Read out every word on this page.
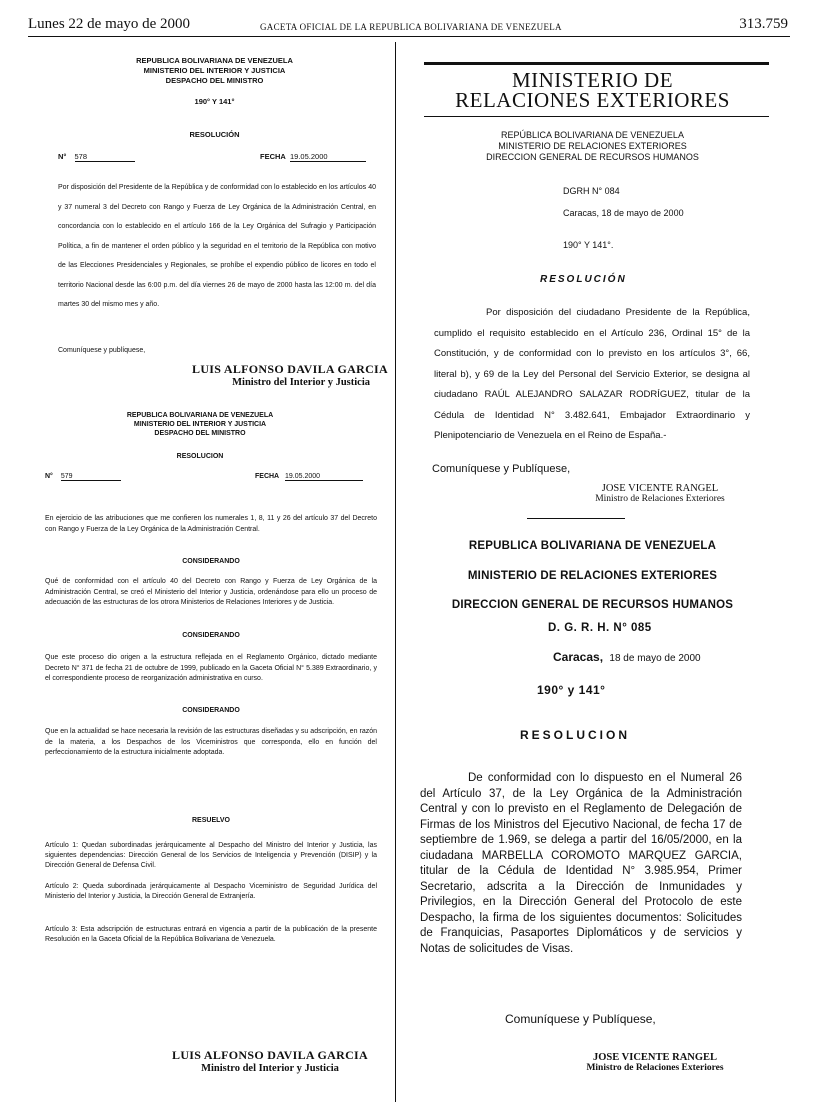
Lunes 22 de mayo de 2000	GACETA OFICIAL DE LA REPUBLICA BOLIVARIANA DE VENEZUELA	313.759
REPUBLICA BOLIVARIANA DE VENEZUELA
MINISTERIO DEL INTERIOR Y JUSTICIA
DESPACHO DEL MINISTRO
190° Y 141°
RESOLUCIÓN
N° 578	FECHA 19.05.2000
Por disposición del Presidente de la República y de conformidad con lo establecido en los artículos 40 y 37 numeral 3 del Decreto con Rango y Fuerza de Ley Orgánica de la Administración Central, en concordancia con lo establecido en el artículo 166 de la Ley Orgánica del Sufragio y Participación Política, a fin de mantener el orden público y la seguridad en el territorio de la República con motivo de las Elecciones Presidenciales y Regionales, se prohíbe el expendio público de licores en todo el territorio Nacional desde las 6:00 p.m. del día viernes 26 de mayo de 2000 hasta las 12:00 m. del día martes 30 del mismo mes y año.
Comuníquese y publíquese,
LUIS ALFONSO DAVILA GARCIA
Ministro del Interior y Justicia
REPUBLICA BOLIVARIANA DE VENEZUELA
MINISTERIO DEL INTERIOR Y JUSTICIA
DESPACHO DEL MINISTRO
RESOLUCION
N° 579	FECHA 19.05.2000
En ejercicio de las atribuciones que me confieren los numerales 1, 8, 11 y 26 del artículo 37 del Decreto con Rango y Fuerza de la Ley Orgánica de la Administración Central.
CONSIDERANDO
Qué de conformidad con el artículo 40 del Decreto con Rango y Fuerza de Ley Orgánica de la Administración Central, se creó el Ministerio del Interior y Justicia, ordenándose para ello un proceso de adecuación de las estructuras de los otrora Ministerios de Relaciones Interiores y de Justicia.
CONSIDERANDO
Que este proceso dio origen a la estructura reflejada en el Reglamento Orgánico, dictado mediante Decreto N° 371 de fecha 21 de octubre de 1999, publicado en la Gaceta Oficial N° 5.389 Extraordinario, y el correspondiente proceso de reorganización administrativa en curso.
CONSIDERANDO
Que en la actualidad se hace necesaria la revisión de las estructuras diseñadas y su adscripción, en razón de la materia, a los Despachos de los Viceministros que corresponda, ello en función del perfeccionamiento de la estructura inicialmente adoptada.
RESUELVO
Artículo 1: Quedan subordinadas jerárquicamente al Despacho del Ministro del Interior y Justicia, las siguientes dependencias: Dirección General de los Servicios de Inteligencia y Prevención (DISIP) y la Dirección General de Defensa Civil.
Artículo 2: Queda subordinada jerárquicamente al Despacho Viceministro de Seguridad Jurídica del Ministerio del Interior y Justicia, la Dirección General de Extranjería.
Artículo 3: Esta adscripción de estructuras entrará en vigencia a partir de la publicación de la presente Resolución en la Gaceta Oficial de la República Bolivariana de Venezuela.
LUIS ALFONSO DAVILA GARCIA
Ministro del Interior y Justicia
MINISTERIO DE
RELACIONES EXTERIORES
REPÚBLICA BOLIVARIANA DE VENEZUELA
MINISTERIO DE RELACIONES EXTERIORES
DIRECCION GENERAL DE RECURSOS HUMANOS
DGRH N° 084
Caracas, 18 de mayo de 2000
190° Y 141°.
RESOLUCIÓN
Por disposición del ciudadano Presidente de la República, cumplido el requisito establecido en el Artículo 236, Ordinal 15° de la Constitución, y de conformidad con lo previsto en los artículos 3°, 66, literal b), y 69 de la Ley del Personal del Servicio Exterior, se designa al ciudadano RAÚL ALEJANDRO SALAZAR RODRÍGUEZ, titular de la Cédula de Identidad N° 3.482.641, Embajador Extraordinario y Plenipotenciario de Venezuela en el Reino de España.-
Comuníquese y Publíquese,
JOSE VICENTE RANGEL
Ministro de Relaciones Exteriores
REPUBLICA BOLIVARIANA DE VENEZUELA
MINISTERIO DE RELACIONES EXTERIORES
DIRECCION GENERAL DE RECURSOS HUMANOS
D. G. R. H. N° 085
Caracas, 18 de mayo de 2000
190° y 141°
RESOLUCION
De conformidad con lo dispuesto en el Numeral 26 del Artículo 37, de la Ley Orgánica de la Administración Central y con lo previsto en el Reglamento de Delegación de Firmas de los Ministros del Ejecutivo Nacional, de fecha 17 de septiembre de 1.969, se delega a partir del 16/05/2000, en la ciudadana MARBELLA COROMOTO MARQUEZ GARCIA, titular de la Cédula de Identidad N° 3.985.954, Primer Secretario, adscrita a la Dirección de Inmunidades y Privilegios, en la Dirección General del Protocolo de este Despacho, la firma de los siguientes documentos: Solicitudes de Franquicias, Pasaportes Diplomáticos y de servicios y Notas de solicitudes de Visas.
Comuníquese y Publíquese,
JOSE VICENTE RANGEL
Ministro de Relaciones Exteriores
